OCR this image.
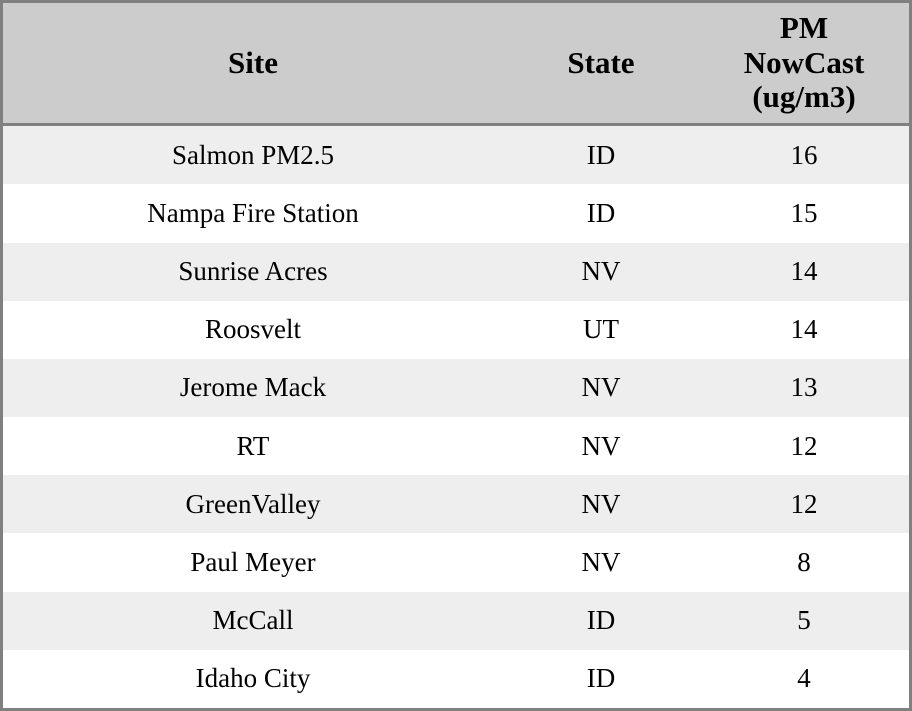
Site	State	PM
NowCast
(ug/m3)

Salmon PM2.5	ID	16
Nampa Fire Station	ID	15
Sunrise Acres	NV	14
Roosvelt	UT	14
Jerome Mack	NV	13
RT	NV	12
GreenValley	NV	12
Paul Meyer	NV	8
McCall	ID	5
Idaho City	ID	4
